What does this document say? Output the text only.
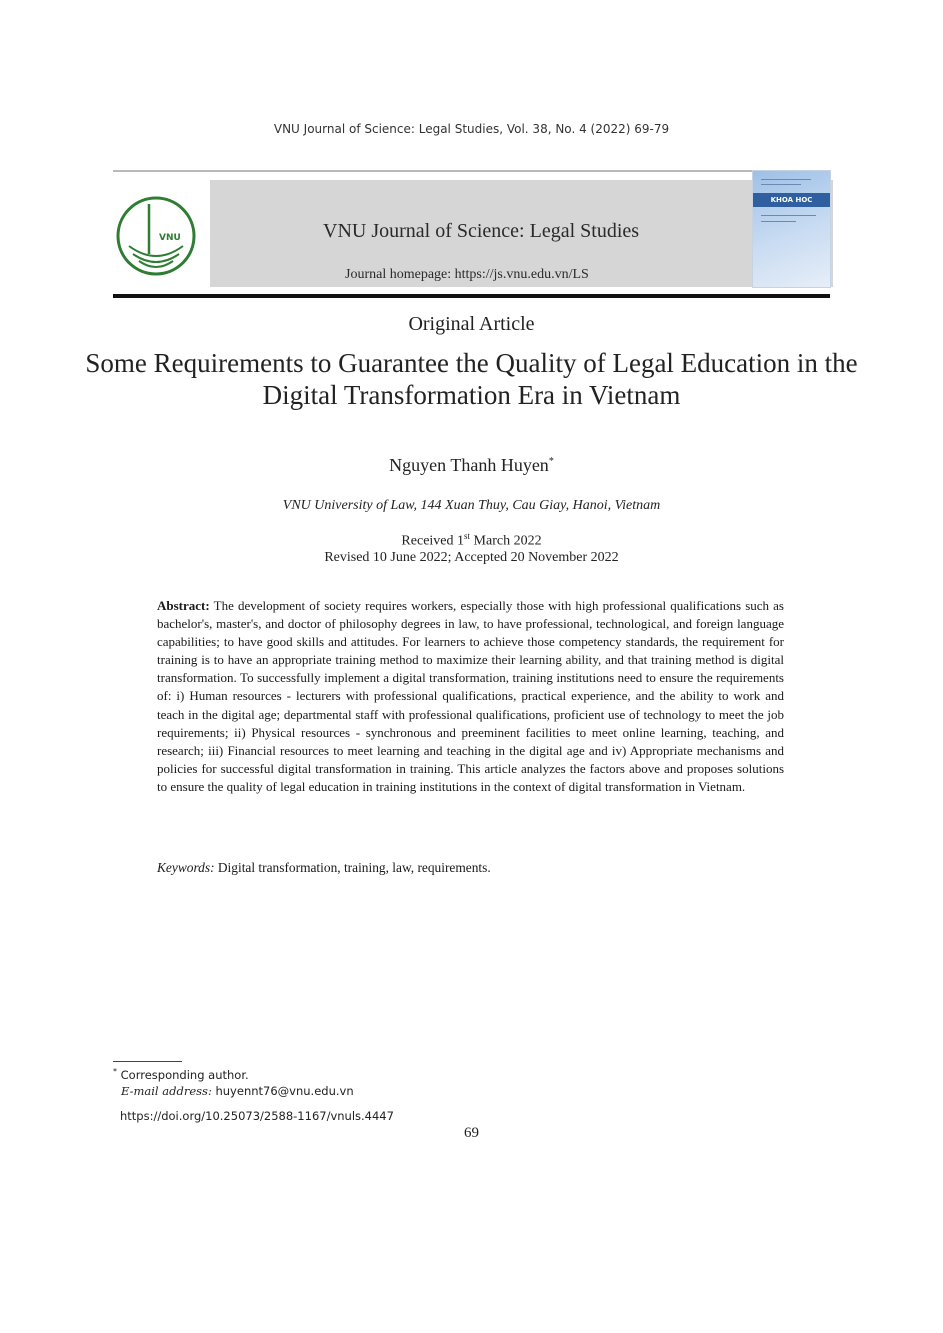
VNU Journal of Science: Legal Studies, Vol. 38, No. 4 (2022) 69-79
VNU	VNU Journal of Science: Legal Studies
Journal homepage: https://js.vnu.edu.vn/LS
KHOA HOC
Original Article
Some Requirements to Guarantee the Quality of Legal Education in the Digital Transformation Era in Vietnam
Nguyen Thanh Huyen*
VNU University of Law, 144 Xuan Thuy, Cau Giay, Hanoi, Vietnam
Received 1st March 2022
Revised 10 June 2022; Accepted 20 November 2022

Abstract: The development of society requires workers, especially those with high professional qualifications such as bachelor's, master's, and doctor of philosophy degrees in law, to have professional, technological, and foreign language capabilities; to have good skills and attitudes. For learners to achieve those competency standards, the requirement for training is to have an appropriate training method to maximize their learning ability, and that training method is digital transformation. To successfully implement a digital transformation, training institutions need to ensure the requirements of: i) Human resources - lecturers with professional qualifications, practical experience, and the ability to work and teach in the digital age; departmental staff with professional qualifications, proficient use of technology to meet the job requirements; ii) Physical resources - synchronous and preeminent facilities to meet online learning, teaching, and research; iii) Financial resources to meet learning and teaching in the digital age and iv) Appropriate mechanisms and policies for successful digital transformation in training. This article analyzes the factors above and proposes solutions to ensure the quality of legal education in training institutions in the context of digital transformation in Vietnam.

Keywords: Digital transformation, training, law, requirements.

* Corresponding author.
E-mail address: huyennt76@vnu.edu.vn
https://doi.org/10.25073/2588-1167/vnuls.4447
69
